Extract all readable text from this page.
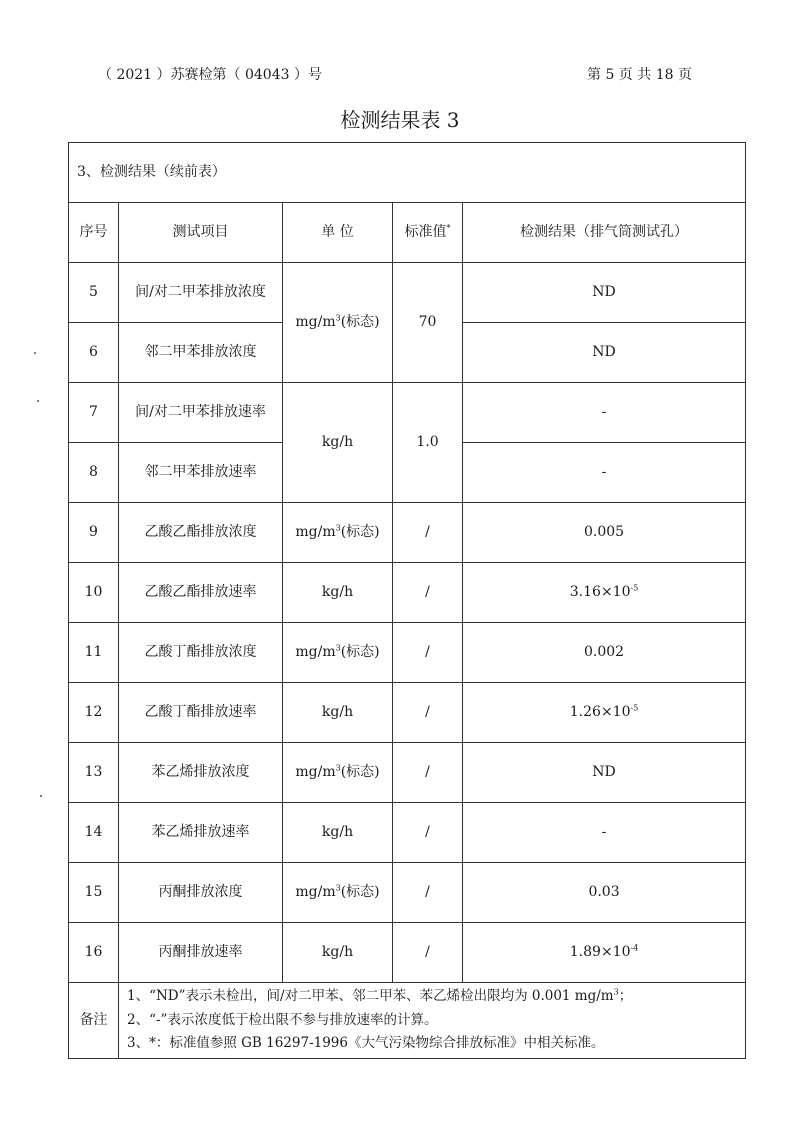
（ 2021 ）苏赛检第（ 04043 ）号	第 5 页 共 18 页
检测结果表 3
3、检测结果（续前表）				
序号	测试项目	单 位	标准值*	检测结果（排气筒测试孔）
5	间/对二甲苯排放浓度	$mg/m^3$(标态)	70	ND
6	邻二甲苯排放浓度			ND
7	间/对二甲苯排放速率	kg/h	1.0	-
8	邻二甲苯排放速率			-
9	乙酸乙酯排放浓度	$mg/m^3$(标态)	/	0.005
10	乙酸乙酯排放速率	kg/h	/	$3.16\times 10^{-5}$
11	乙酸丁酯排放浓度	$mg/m^3$(标态)	/	0.002
12	乙酸丁酯排放速率	kg/h	/	$1.26\times 10^{-5}$
13	苯乙烯排放浓度	$mg/m^3$(标态)	/	ND
14	苯乙烯排放速率	kg/h	/	-
15	丙酮排放浓度	$mg/m^3$(标态)	/	0.03
16	丙酮排放速率	kg/h	/	$1.89\times 10^{-4}$
备注	1、“ND”表示未检出，间/对二甲苯、邻二甲苯、苯乙烯检出限均为 0.001 $mg/m^3$；
2、“-”表示浓度低于检出限不参与排放速率的计算。
3、*：标准值参照 GB 16297-1996《大气污染物综合排放标准》中相关标准。			
